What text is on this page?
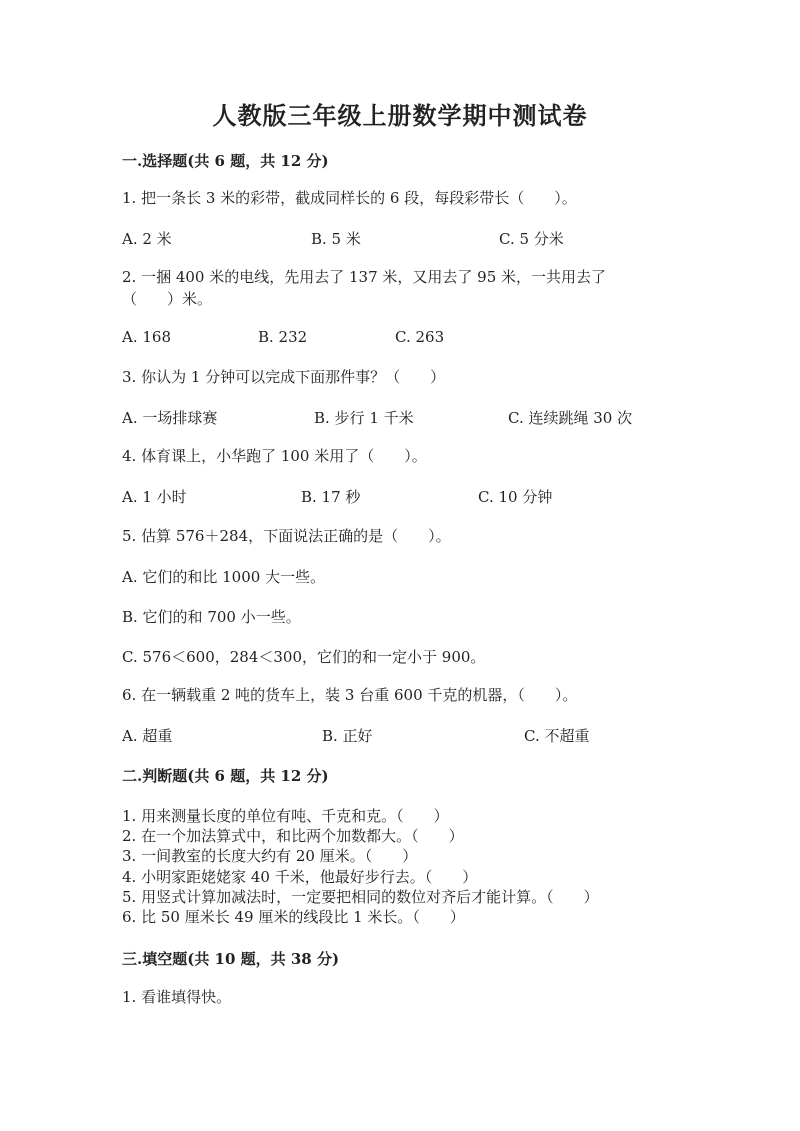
人教版三年级上册数学期中测试卷
一.选择题(共 6 题，共 12 分)
1. 把一条长 3 米的彩带，截成同样长的 6 段，每段彩带长（　　）。
A. 2 米	B. 5 米	C. 5 分米
2. 一捆 400 米的电线，先用去了 137 米，又用去了 95 米，一共用去了
（　　）米。
A. 168	B. 232	C. 263
3. 你认为 1 分钟可以完成下面那件事？（　　）
A. 一场排球赛	B. 步行 1 千米	C. 连续跳绳 30 次
4. 体育课上，小华跑了 100 米用了（　　）。
A. 1 小时	B. 17 秒	C. 10 分钟
5. 估算 576＋284，下面说法正确的是（　　）。
A. 它们的和比 1000 大一些。
B. 它们的和 700 小一些。
C. 576＜600，284＜300，它们的和一定小于 900。
6. 在一辆载重 2 吨的货车上，装 3 台重 600 千克的机器，（　　）。
A. 超重	B. 正好	C. 不超重
二.判断题(共 6 题，共 12 分)
1. 用来测量长度的单位有吨、千克和克。（　　）
2. 在一个加法算式中，和比两个加数都大。（　　）
3. 一间教室的长度大约有 20 厘米。（　　）
4. 小明家距姥姥家 40 千米，他最好步行去。（　　）
5. 用竖式计算加减法时，一定要把相同的数位对齐后才能计算。（　　）
6. 比 50 厘米长 49 厘米的线段比 1 米长。（　　）
三.填空题(共 10 题，共 38 分)
1. 看谁填得快。
